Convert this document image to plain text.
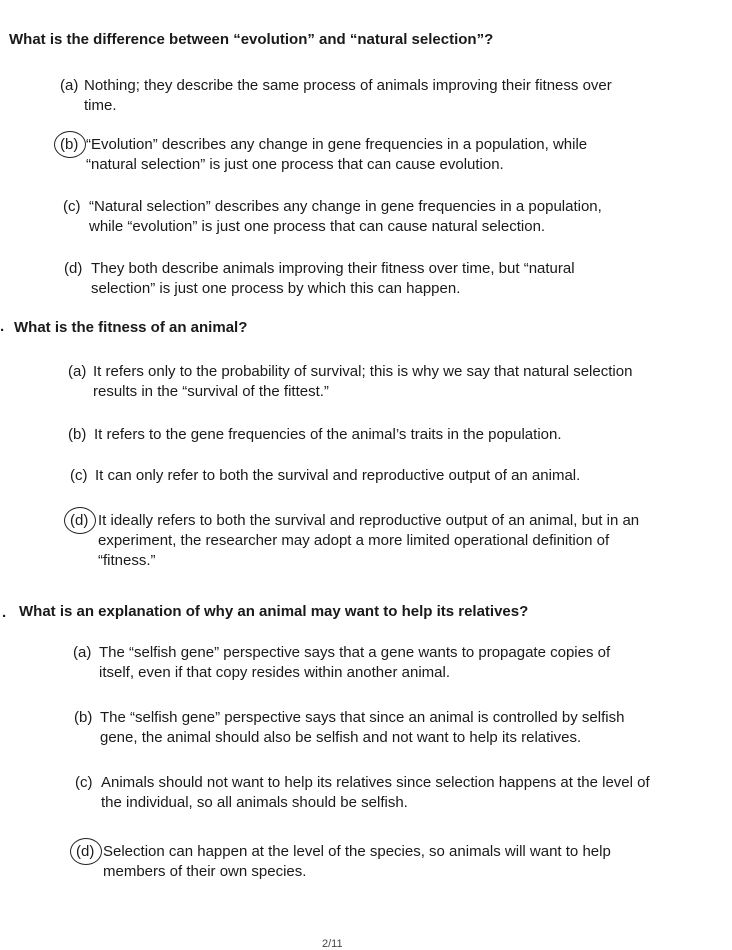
What is the difference between “evolution” and “natural selection”?
(a) Nothing; they describe the same process of animals improving their fitness over time.
(b) “Evolution” describes any change in gene frequencies in a population, while “natural selection” is just one process that can cause evolution.
(c) “Natural selection” describes any change in gene frequencies in a population, while “evolution” is just one process that can cause natural selection.
(d) They both describe animals improving their fitness over time, but “natural selection” is just one process by which this can happen.
. What is the fitness of an animal?
(a) It refers only to the probability of survival; this is why we say that natural selection results in the “survival of the fittest.”
(b) It refers to the gene frequencies of the animal’s traits in the population.
(c) It can only refer to both the survival and reproductive output of an animal.
(d) It ideally refers to both the survival and reproductive output of an animal, but in an experiment, the researcher may adopt a more limited operational definition of “fitness.”
. What is an explanation of why an animal may want to help its relatives?
(a) The “selfish gene” perspective says that a gene wants to propagate copies of itself, even if that copy resides within another animal.
(b) The “selfish gene” perspective says that since an animal is controlled by selfish gene, the animal should also be selfish and not want to help its relatives.
(c) Animals should not want to help its relatives since selection happens at the level of the individual, so all animals should be selfish.
(d) Selection can happen at the level of the species, so animals will want to help members of their own species.
2/11
